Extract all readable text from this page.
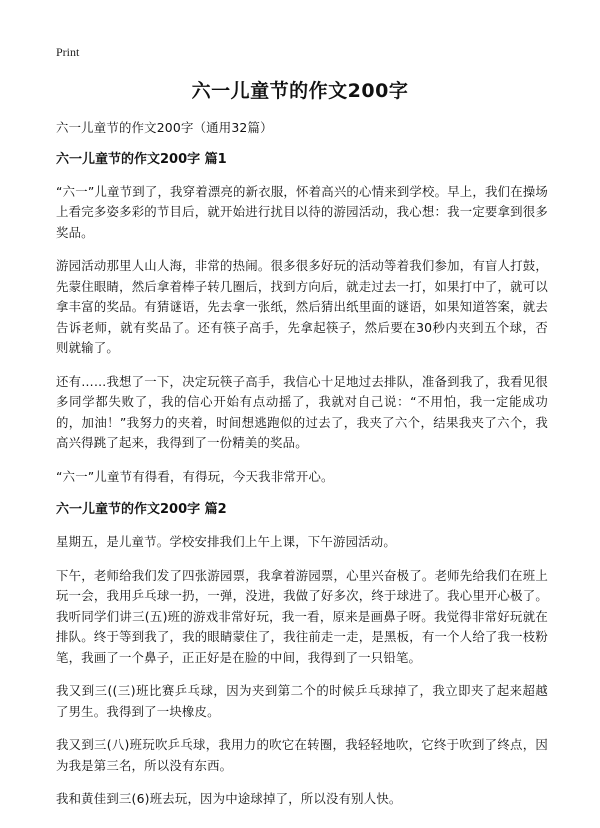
Print
六一儿童节的作文200字

六一儿童节的作文200字（通用32篇）

六一儿童节的作文200字 篇1

“六一”儿童节到了，我穿着漂亮的新衣服，怀着高兴的心情来到学校。早上，我们在操场上看完多姿多彩的节目后，就开始进行扰目以待的游园活动，我心想：我一定要拿到很多奖品。

游园活动那里人山人海，非常的热闹。很多很多好玩的活动等着我们参加，有盲人打鼓，先蒙住眼睛，然后拿着棒子转几圈后，找到方向后，就走过去一打，如果打中了，就可以拿丰富的奖品。有猜谜语，先去拿一张纸，然后猜出纸里面的谜语，如果知道答案，就去告诉老师，就有奖品了。还有筷子高手，先拿起筷子，然后要在30秒内夹到五个球，否则就输了。

还有……我想了一下，决定玩筷子高手，我信心十足地过去排队，准备到我了，我看见很多同学都失败了，我的信心开始有点动摇了，我就对自己说：“不用怕，我一定能成功的，加油！”我努力的夹着，时间想逃跑似的过去了，我夹了六个，结果我夹了六个，我高兴得跳了起来，我得到了一份精美的奖品。

“六一”儿童节有得看，有得玩，今天我非常开心。

六一儿童节的作文200字 篇2

星期五，是儿童节。学校安排我们上午上课，下午游园活动。

下午，老师给我们发了四张游园票，我拿着游园票，心里兴奋极了。老师先给我们在班上玩一会，我用乒乓球一扔，一弹，没进，我做了好多次，终于球进了。我心里开心极了。我听同学们讲三(五)班的游戏非常好玩，我一看，原来是画鼻子呀。我觉得非常好玩就在排队。终于等到我了，我的眼睛蒙住了，我往前走一走，是黑板，有一个人给了我一枝粉笔，我画了一个鼻子，正正好是在脸的中间，我得到了一只铅笔。

我又到三((三)班比赛乒乓球，因为夹到第二个的时候乒乓球掉了，我立即夹了起来超越了男生。我得到了一块橡皮。

我又到三(八)班玩吹乒乓球，我用力的吹它在转圈，我轻轻地吹，它终于吹到了终点，因为我是第三名，所以没有东西。

我和黄佳到三(6)班去玩，因为中途球掉了，所以没有别人快。
